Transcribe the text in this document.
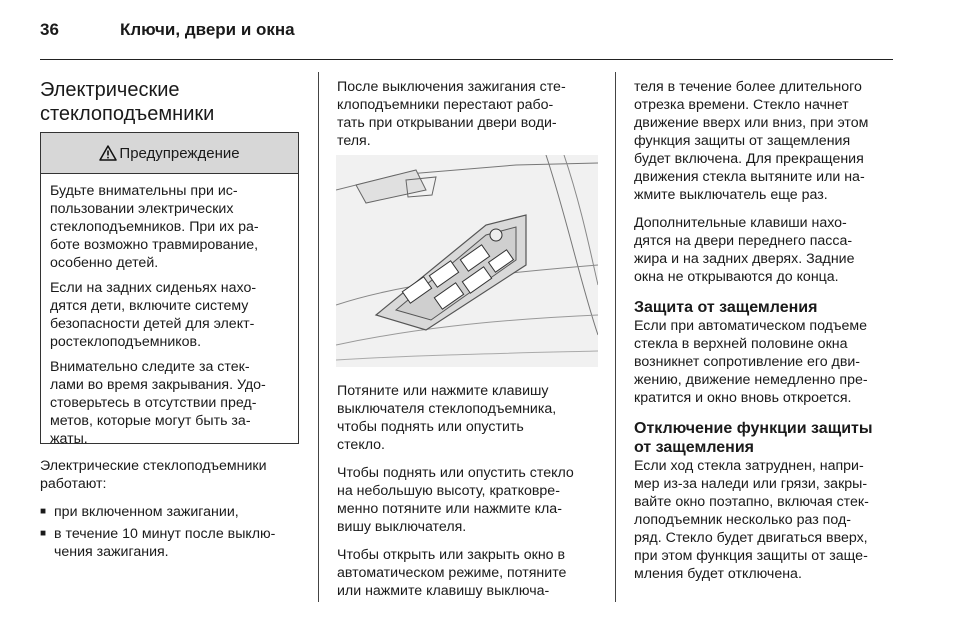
36	Ключи, двери и окна
Электрические
стеклоподъемники
Предупреждение

Будьте внимательны при ис-
пользовании электрических
стеклоподъемников. При их ра-
боте возможно травмирование,
особенно детей.

Если на задних сиденьях нахо-
дятся дети, включите систему
безопасности детей для элект-
ростеклоподъемников.

Внимательно следите за стек-
лами во время закрывания. Удо-
стоверьтесь в отсутствии пред-
метов, которые могут быть за-
жаты.

Электрические стеклоподъемники
работают:

■ при включенном зажигании,
■ в течение 10 минут после выклю-
чения зажигания.

После выключения зажигания сте-
клоподъемники перестают рабо-
тать при открывании двери води-
теля.

Потяните или нажмите клавишу
выключателя стеклоподъемника,
чтобы поднять или опустить
стекло.

Чтобы поднять или опустить стекло
на небольшую высоту, кратковре-
менно потяните или нажмите кла-
вишу выключателя.

Чтобы открыть или закрыть окно в
автоматическом режиме, потяните
или нажмите клавишу выключа-

теля в течение более длительного
отрезка времени. Стекло начнет
движение вверх или вниз, при этом
функция защиты от защемления
будет включена. Для прекращения
движения стекла вытяните или на-
жмите выключатель еще раз.

Дополнительные клавиши нахо-
дятся на двери переднего пасса-
жира и на задних дверях. Задние
окна не открываются до конца.

Защита от защемления

Если при автоматическом подъеме
стекла в верхней половине окна
возникнет сопротивление его дви-
жению, движение немедленно пре-
кратится и окно вновь откроется.

Отключение функции защиты
от защемления

Если ход стекла затруднен, напри-
мер из-за наледи или грязи, закры-
вайте окно поэтапно, включая стек-
лоподъемник несколько раз под-
ряд. Стекло будет двигаться вверх,
при этом функция защиты от заще-
мления будет отключена.
